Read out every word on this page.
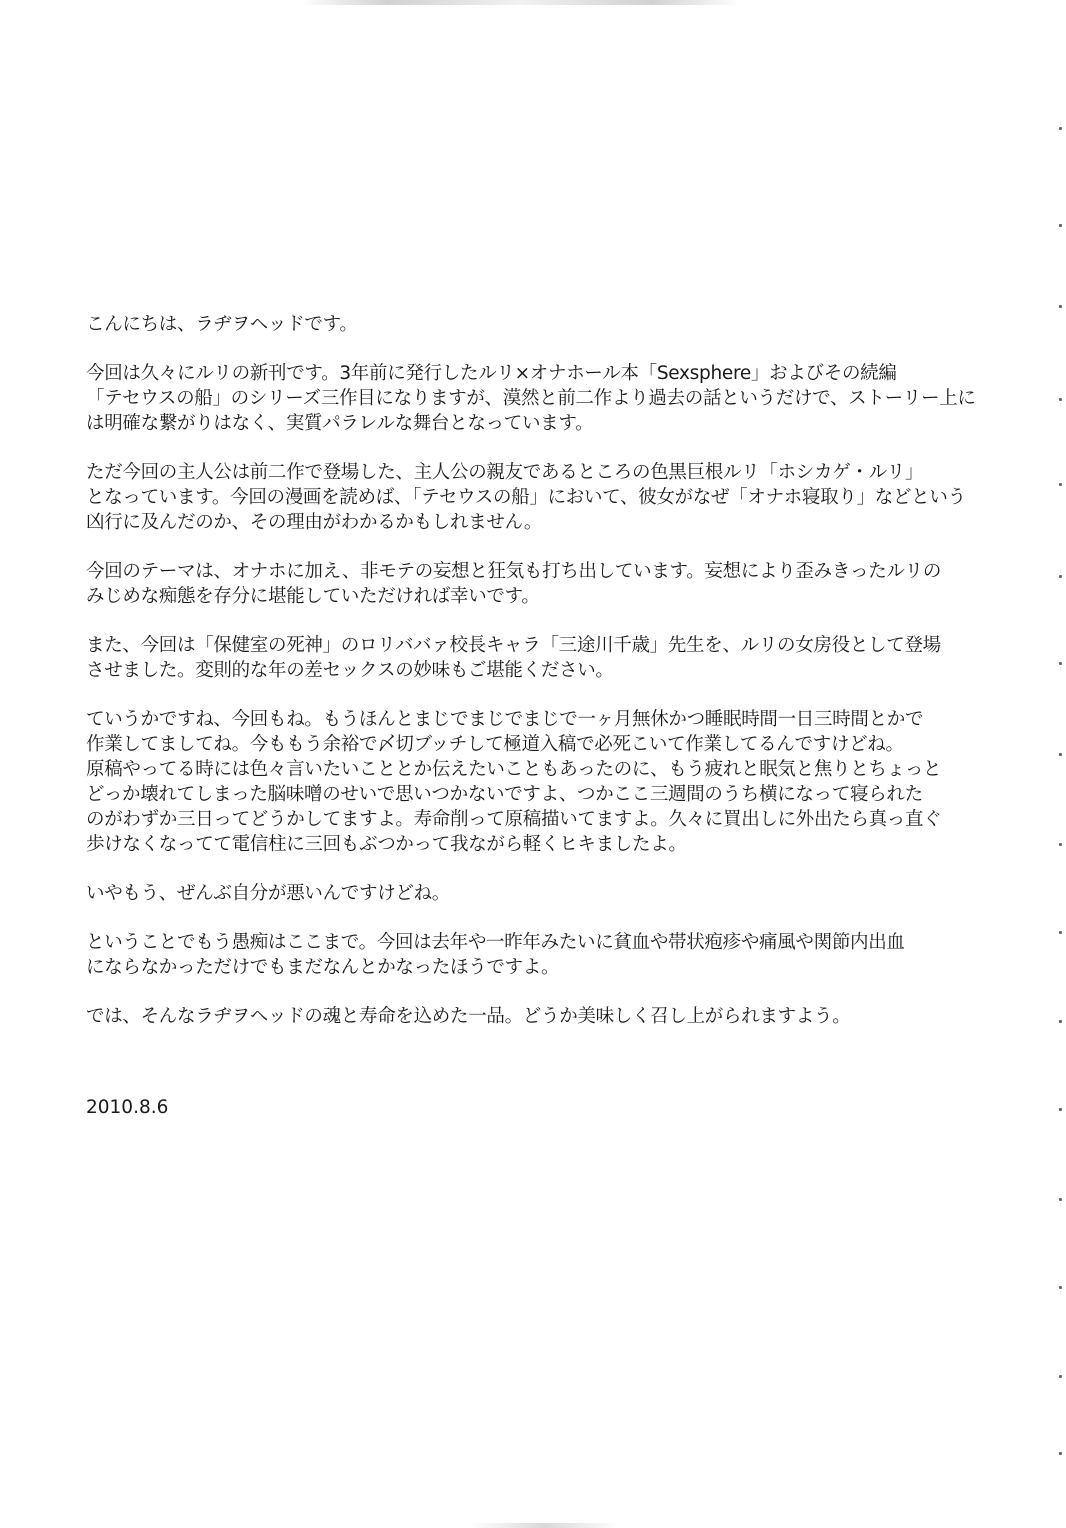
こんにちは、ラヂヲヘッドです。

今回は久々にルリの新刊です。3年前に発行したルリ×オナホール本「Sexsphere」およびその続編
「テセウスの船」のシリーズ三作目になりますが、漠然と前二作より過去の話というだけで、ストーリー上には明確な繋がりはなく、実質パラレルな舞台となっています。

ただ今回の主人公は前二作で登場した、主人公の親友であるところの色黒巨根ルリ「ホシカゲ・ルリ」
となっています。今回の漫画を読めば、「テセウスの船」において、彼女がなぜ「オナホ寝取り」などという
凶行に及んだのか、その理由がわかるかもしれません。

今回のテーマは、オナホに加え、非モテの妄想と狂気も打ち出しています。妄想により歪みきったルリの
みじめな痴態を存分に堪能していただければ幸いです。

また、今回は「保健室の死神」のロリババァ校長キャラ「三途川千歳」先生を、ルリの女房役として登場
させました。変則的な年の差セックスの妙味もご堪能ください。

ていうかですね、今回もね。もうほんとまじでまじでまじで一ヶ月無休かつ睡眠時間一日三時間とかで
作業してましてね。今ももう余裕で〆切ブッチして極道入稿で必死こいて作業してるんですけどね。
原稿やってる時には色々言いたいこととか伝えたいこともあったのに、もう疲れと眠気と焦りとちょっと
どっか壊れてしまった脳味噌のせいで思いつかないですよ、つかここ三週間のうち横になって寝られた
のがわずか三日ってどうかしてますよ。寿命削って原稿描いてますよ。久々に買出しに外出たら真っ直ぐ
歩けなくなってて電信柱に三回もぶつかって我ながら軽くヒキましたよ。

いやもう、ぜんぶ自分が悪いんですけどね。

ということでもう愚痴はここまで。今回は去年や一昨年みたいに貧血や帯状疱疹や痛風や関節内出血
にならなかっただけでもまだなんとかなったほうですよ。

では、そんなラヂヲヘッドの魂と寿命を込めた一品。どうか美味しく召し上がられますよう。

2010.8.6
